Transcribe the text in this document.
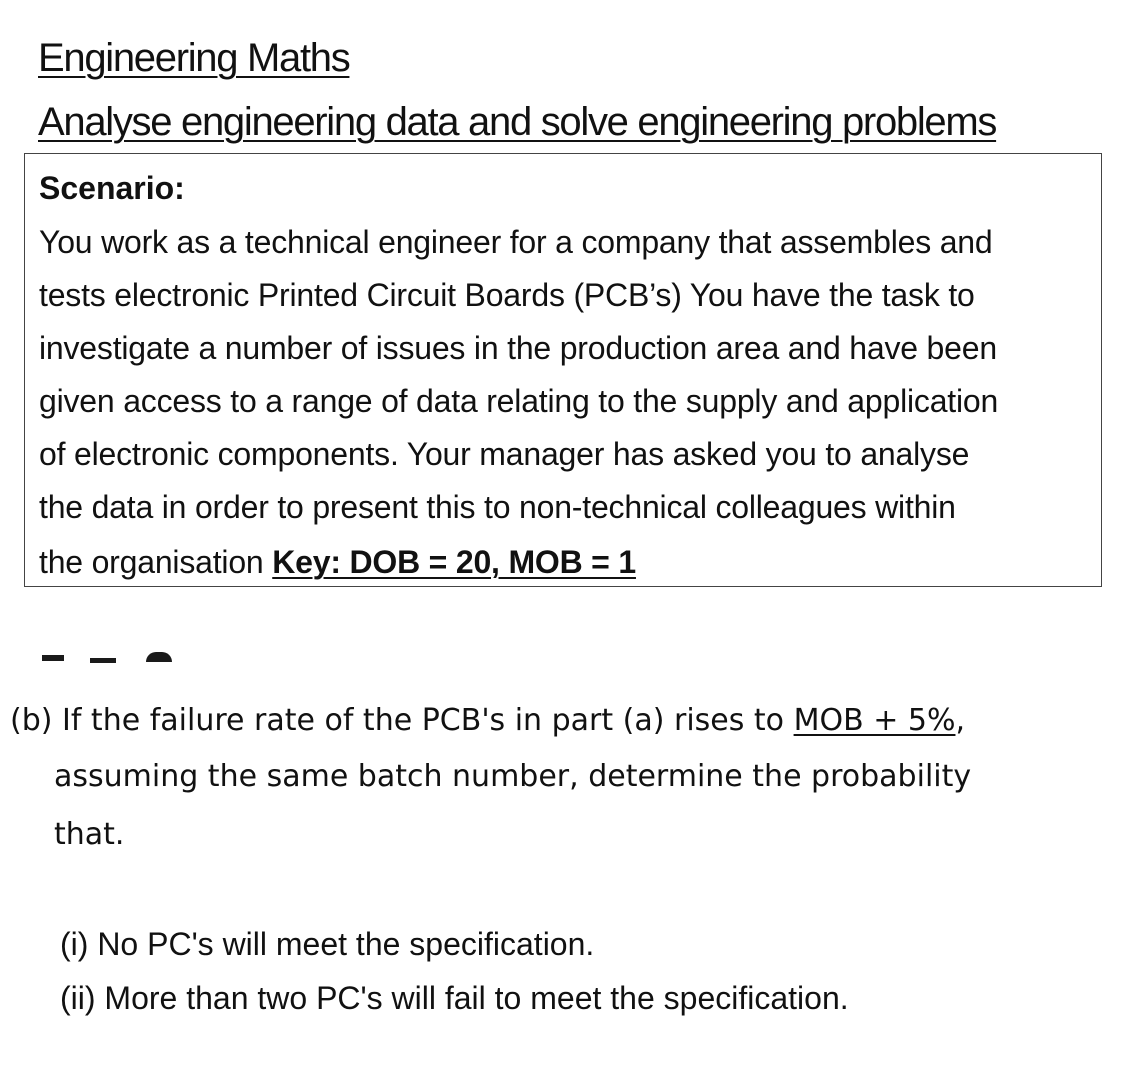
Engineering Maths
Analyse engineering data and solve engineering problems
Scenario:
You work as a technical engineer for a company that assembles and
tests electronic Printed Circuit Boards (PCB’s) You have the task to
investigate a number of issues in the production area and have been
given access to a range of data relating to the supply and application
of electronic components. Your manager has asked you to analyse
the data in order to present this to non-technical colleagues within
the organisation Key: DOB = 20, MOB = 1
(b) If the failure rate of the PCB's in part (a) rises to MOB + 5%,
assuming the same batch number, determine the probability
that.
(i) No PC's will meet the specification.
(ii) More than two PC's will fail to meet the specification.
